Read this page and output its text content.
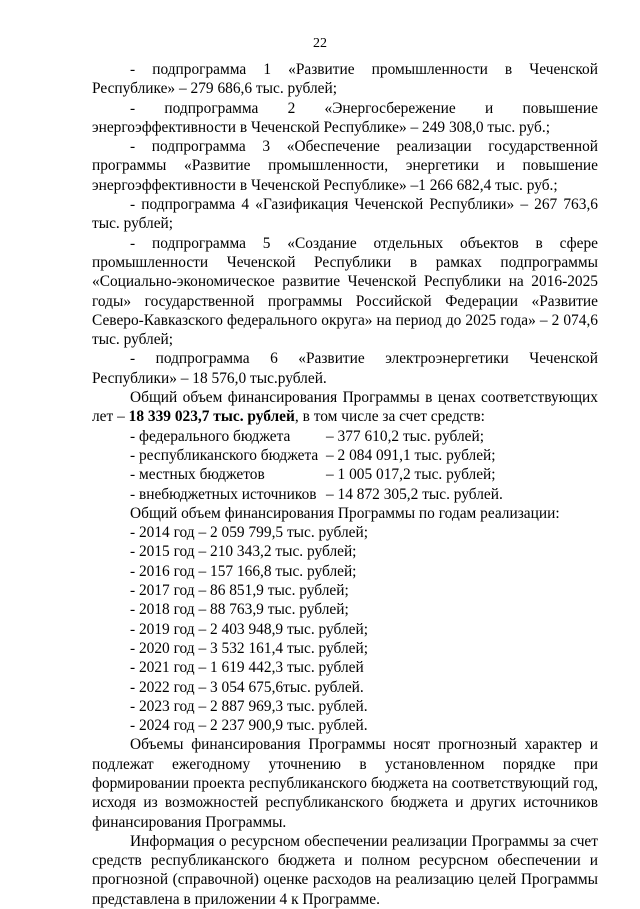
22

- подпрограмма 1 «Развитие промышленности в Чеченской Республике» – 279 686,6 тыс. рублей;

- подпрограмма 2 «Энергосбережение и повышение энергоэффективности в Чеченской Республике» – 249 308,0 тыс. руб.;

- подпрограмма 3 «Обеспечение реализации государственной программы «Развитие промышленности, энергетики и повышение энергоэффективности в Чеченской Республике» –1 266 682,4 тыс. руб.;

- подпрограмма 4 «Газификация Чеченской Республики» – 267 763,6 тыс. рублей;

- подпрограмма 5 «Создание отдельных объектов в сфере промышленности Чеченской Республики в рамках подпрограммы «Социально-экономическое развитие Чеченской Республики на 2016-2025 годы» государственной программы Российской Федерации «Развитие Северо-Кавказского федерального округа» на период до 2025 года» – 2 074,6 тыс. рублей;

- подпрограмма 6 «Развитие электроэнергетики Чеченской Республики» – 18 576,0 тыс.рублей.

Общий объем финансирования Программы в ценах соответствующих лет – 18 339 023,7 тыс. рублей, в том числе за счет средств:

- федерального бюджета	– 377 610,2 тыс. рублей;
- республиканского бюджета – 2 084 091,1 тыс. рублей;
- местных бюджетов	– 1 005 017,2 тыс. рублей;
- внебюджетных источников – 14 872 305,2 тыс. рублей.

Общий объем финансирования Программы по годам реализации:

- 2014 год – 2 059 799,5 тыс. рублей;
- 2015 год – 210 343,2 тыс. рублей;
- 2016 год – 157 166,8 тыс. рублей;
- 2017 год – 86 851,9 тыс. рублей;
- 2018 год – 88 763,9 тыс. рублей;
- 2019 год – 2 403 948,9 тыс. рублей;
- 2020 год – 3 532 161,4 тыс. рублей;
- 2021 год – 1 619 442,3 тыс. рублей
- 2022 год – 3 054 675,6тыс. рублей.
- 2023 год – 2 887 969,3 тыс. рублей.
- 2024 год – 2 237 900,9 тыс. рублей.

Объемы финансирования Программы носят прогнозный характер и подлежат ежегодному уточнению в установленном порядке при формировании проекта республиканского бюджета на соответствующий год, исходя из возможностей республиканского бюджета и других источников финансирования Программы.

Информация о ресурсном обеспечении реализации Программы за счет средств республиканского бюджета и полном ресурсном обеспечении и прогнозной (справочной) оценке расходов на реализацию целей Программы представлена в приложении 4 к Программе.
